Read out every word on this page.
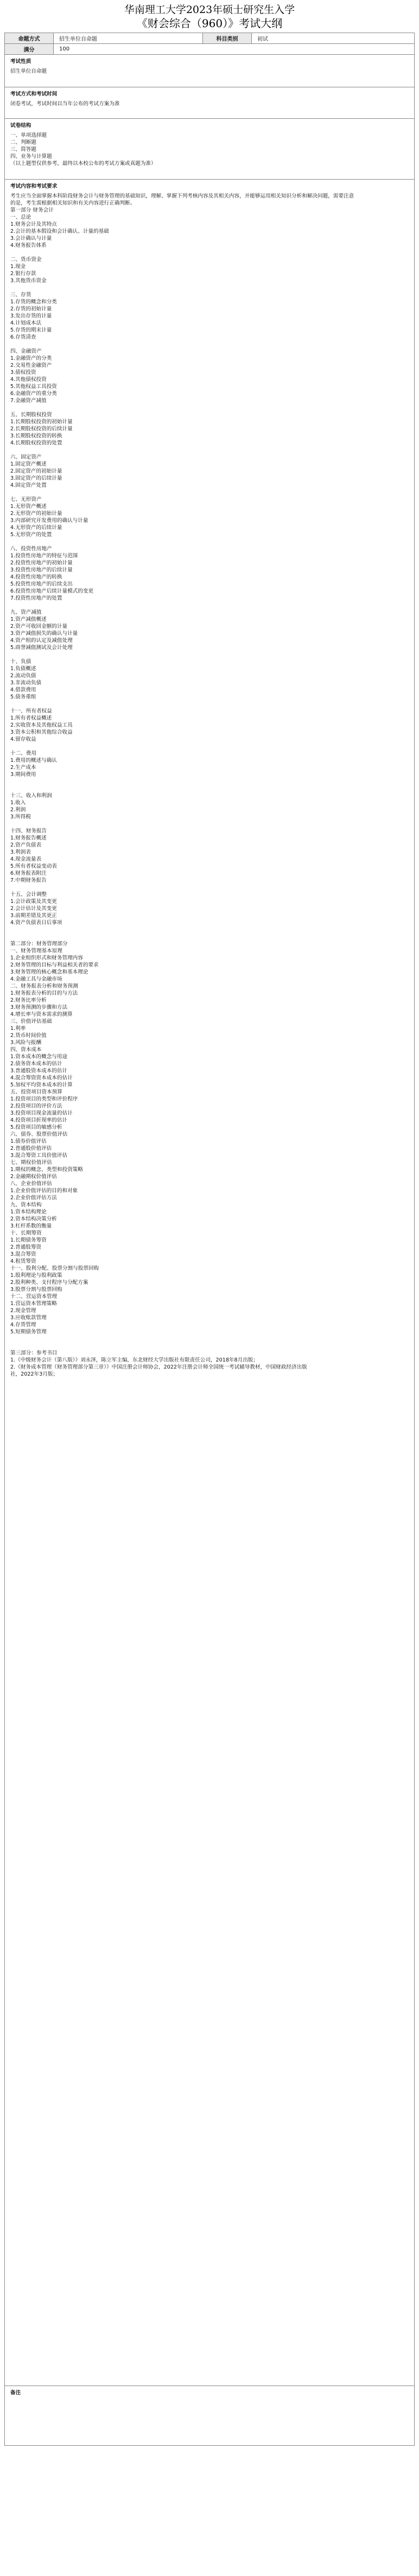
华南理工大学2023年硕士研究生入学
《财会综合（960）》考试大纲
命题方式	招生单位自命题	科目类别	初试
满分	100		
考试性质
招生单位自命题
考试方式和考试时间
闭卷考试，考试时间以当年公布的考试方案为准
试卷结构
一、单项选择题
二、判断题
三、简答题
四、业务与计算题
（以上题型仅供参考，最终以本校公布的考试方案或真题为准）
考试内容和考试要求
考生应当全面掌握本科阶段财务会计与财务管理的基础知识，理解、掌握下列考核内容及其相关内容，并能够运用相关知识分析和解决问题，需要注意
的是，考生需根据相关知识和有关内容进行正确判断。
第一部分 财务会计
一、总论
1.财务会计及其特点
2.会计的基本假设和会计确认、计量的基础
3.会计确认与计量
4.财务报告体系
二、货币资金
1.现金
2.银行存款
3.其他货币资金
三、存货
1.存货的概念和分类
2.存货的初始计量
3.发出存货的计量
4.计划成本法
5.存货的期末计量
6.存货清查
四、金融资产
1.金融资产的分类
2.交易性金融资产
3.债权投资
4.其他债权投资
5.其他权益工具投资
6.金融资产的重分类
7.金融资产减值
五、长期股权投资
1.长期股权投资的初始计量
2.长期股权投资的后续计量
3.长期股权投资的转换
4.长期股权投资的处置
六、固定资产
1.固定资产概述
2.固定资产的初始计量
3.固定资产的后续计量
4.固定资产处置
七、无形资产
1.无形资产概述
2.无形资产的初始计量
3.内部研究开发费用的确认与计量
4.无形资产的后续计量
5.无形资产的处置
八、投资性房地产
1.投资性房地产的特征与范围
2.投资性房地产的初始计量
3.投资性房地产的后续计量
4.投资性房地产的转换
5.投资性房地产的后续支出
6.投资性房地产后续计量模式的变更
7.投资性房地产的处置
九、资产减值
1.资产减值概述
2.资产可收回金额的计量
3.资产减值损失的确认与计量
4.资产组的认定及减值处理
5.商誉减值测试及会计处理
十、负债
1.负债概述
2.流动负债
3.非流动负债
4.借款费用
5.债务重组
十一、所有者权益
1.所有者权益概述
2.实收资本及其他权益工具
3.资本公积和其他综合收益
4.留存收益
十二、费用
1.费用的概述与确认
2.生产成本
3.期间费用
十三、收入和利润
1.收入
2.利润
3.所得税
十四、财务报告
1.财务报告概述
2.资产负债表
3.利润表
4.现金流量表
5.所有者权益变动表
6.财务报表附注
7.中期财务报告
十五、会计调整
1.会计政策及其变更
2.会计估计及其变更
3.前期差错及其更正
4.资产负债表日后事项
第二部分：财务管理部分
一、财务管理基本原理
1.企业组织形式和财务管理内容
2.财务管理的目标与利益相关者的要求
3.财务管理的核心概念和基本理论
4.金融工具与金融市场
二、财务报表分析和财务预测
1.财务报表分析的目的与方法
2.财务比率分析
3.财务预测的步骤和方法
4.增长率与资本需求的测算
三、价值评估基础
1.利率
2.货币时间价值
3.风险与报酬
四、资本成本
1.资本成本的概念与用途
2.债务资本成本的估计
3.普通股资本成本的估计
4.混合筹资资本成本的估计
5.加权平均资本成本的计算
五、投资项目资本预算
1.投资项目的类型和评价程序
2.投资项目的评价方法
3.投资项目现金流量的估计
4.投资项目折现率的估计
5.投资项目的敏感分析
六、债券、股票价值评估
1.债券价值评估
2.普通股价值评估
3.混合筹资工具价值评估
七、期权价值评估
1.期权的概念、类型和投资策略
2.金融期权价值评估
八、企业价值评估
1.企业价值评估的目的和对象
2.企业价值评估方法
九、资本结构
1.资本结构理论
2.资本结构决策分析
3.杠杆系数的衡量
十、长期筹资
1.长期债务筹资
2.普通股筹资
3.混合筹资
4.租赁筹资
十一、股利分配、股票分割与股票回购
1.股利理论与股利政策
2.股利种类、支付程序与分配方案
3.股票分割与股票回购
十二、营运资本管理
1.营运资本管理策略
2.现金管理
3.应收账款管理
4.存货管理
5.短期债务管理
第三部分：参考书目
1.《中级财务会计（第八版）》刘永泽，陈立军主编，东北财经大学出版社有限责任公司，2018年8月出版；
2.《财务成本管理（财务管理部分第三章）》中国注册会计师协会，2022年注册会计师全国统一考试辅导教材，中国财政经济出版
社，2022年3月版；
备注
